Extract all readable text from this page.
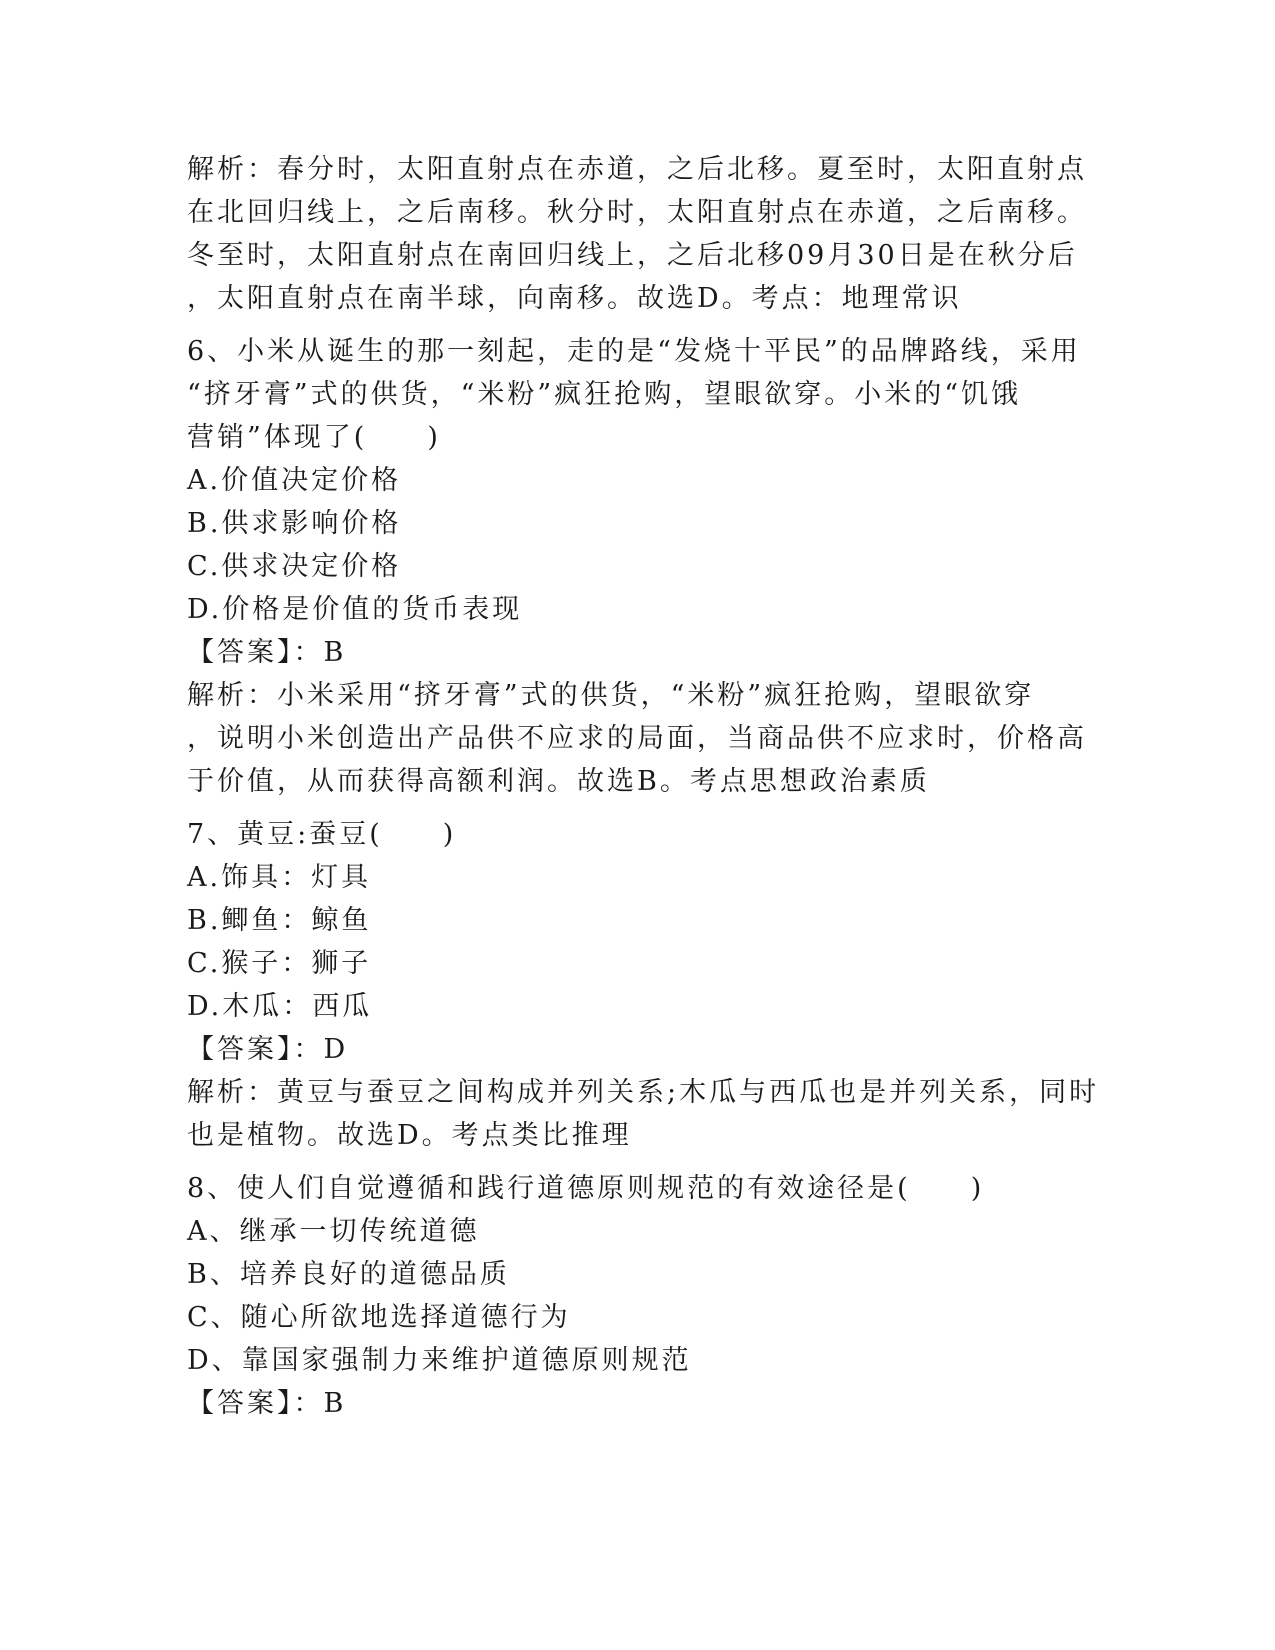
解析：春分时，太阳直射点在赤道，之后北移。夏至时，太阳直射点
在北回归线上，之后南移。秋分时，太阳直射点在赤道，之后南移。
冬至时，太阳直射点在南回归线上，之后北移09月30日是在秋分后
，太阳直射点在南半球，向南移。故选D。考点：地理常识
6、小米从诞生的那一刻起，走的是“发烧十平民”的品牌路线，采用
“挤牙膏”式的供货，“米粉”疯狂抢购，望眼欲穿。小米的“饥饿
营销”体现了(　　)
A.价值决定价格
B.供求影响价格
C.供求决定价格
D.价格是价值的货币表现
【答案】：B
解析：小米采用“挤牙膏”式的供货，“米粉”疯狂抢购，望眼欲穿
，说明小米创造出产品供不应求的局面，当商品供不应求时，价格高
于价值，从而获得高额利润。故选B。考点思想政治素质
7、黄豆:蚕豆(　　)
A.饰具：灯具
B.鲫鱼：鲸鱼
C.猴子：狮子
D.木瓜：西瓜
【答案】：D
解析：黄豆与蚕豆之间构成并列关系;木瓜与西瓜也是并列关系，同时
也是植物。故选D。考点类比推理
8、使人们自觉遵循和践行道德原则规范的有效途径是(　　)
A、继承一切传统道德
B、培养良好的道德品质
C、随心所欲地选择道德行为
D、靠国家强制力来维护道德原则规范
【答案】：B
